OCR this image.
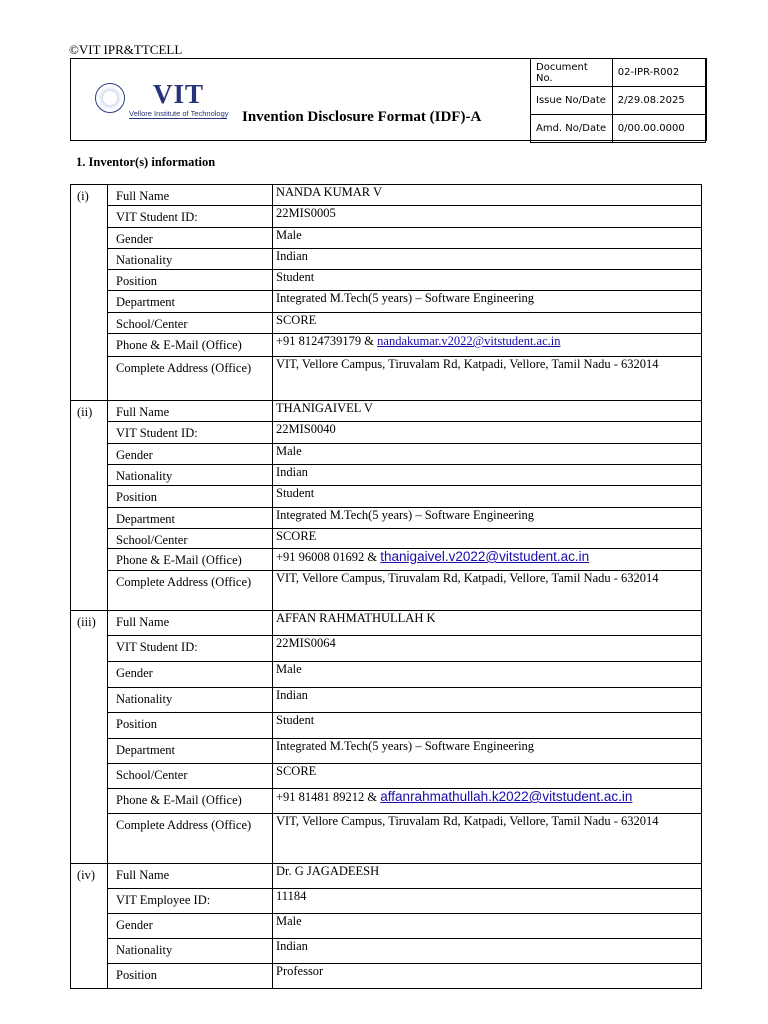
©VIT IPR&TTCELL
VIT
Vellore Institute of Technology Invention Disclosure Format (IDF)-A
Document No.	02-IPR-R002
Issue No/Date	2/29.08.2025
Amd. No/Date	0/00.00.0000
1. Inventor(s) information
(i)	Full Name	NANDA KUMAR V
	VIT Student ID:	22MIS0005
	Gender	Male
	Nationality	Indian
	Position	Student
	Department	Integrated M.Tech(5 years) – Software Engineering
	School/Center	SCORE
	Phone & E-Mail (Office)	+91 8124739179 & nandakumar.v2022@vitstudent.ac.in
	Complete Address (Office)	VIT, Vellore Campus, Tiruvalam Rd, Katpadi, Vellore, Tamil Nadu - 632014
(ii)	Full Name	THANIGAIVEL V
	VIT Student ID:	22MIS0040
	Gender	Male
	Nationality	Indian
	Position	Student
	Department	Integrated M.Tech(5 years) – Software Engineering
	School/Center	SCORE
	Phone & E-Mail (Office)	+91 96008 01692 & thanigaivel.v2022@vitstudent.ac.in
	Complete Address (Office)	VIT, Vellore Campus, Tiruvalam Rd, Katpadi, Vellore, Tamil Nadu - 632014
(iii)	Full Name	AFFAN RAHMATHULLAH K
	VIT Student ID:	22MIS0064
	Gender	Male
	Nationality	Indian
	Position	Student
	Department	Integrated M.Tech(5 years) – Software Engineering
	School/Center	SCORE
	Phone & E-Mail (Office)	+91 81481 89212 & affanrahmathullah.k2022@vitstudent.ac.in
	Complete Address (Office)	VIT, Vellore Campus, Tiruvalam Rd, Katpadi, Vellore, Tamil Nadu - 632014
(iv)	Full Name	Dr. G JAGADEESH
	VIT Employee ID:	11184
	Gender	Male
	Nationality	Indian
	Position	Professor
